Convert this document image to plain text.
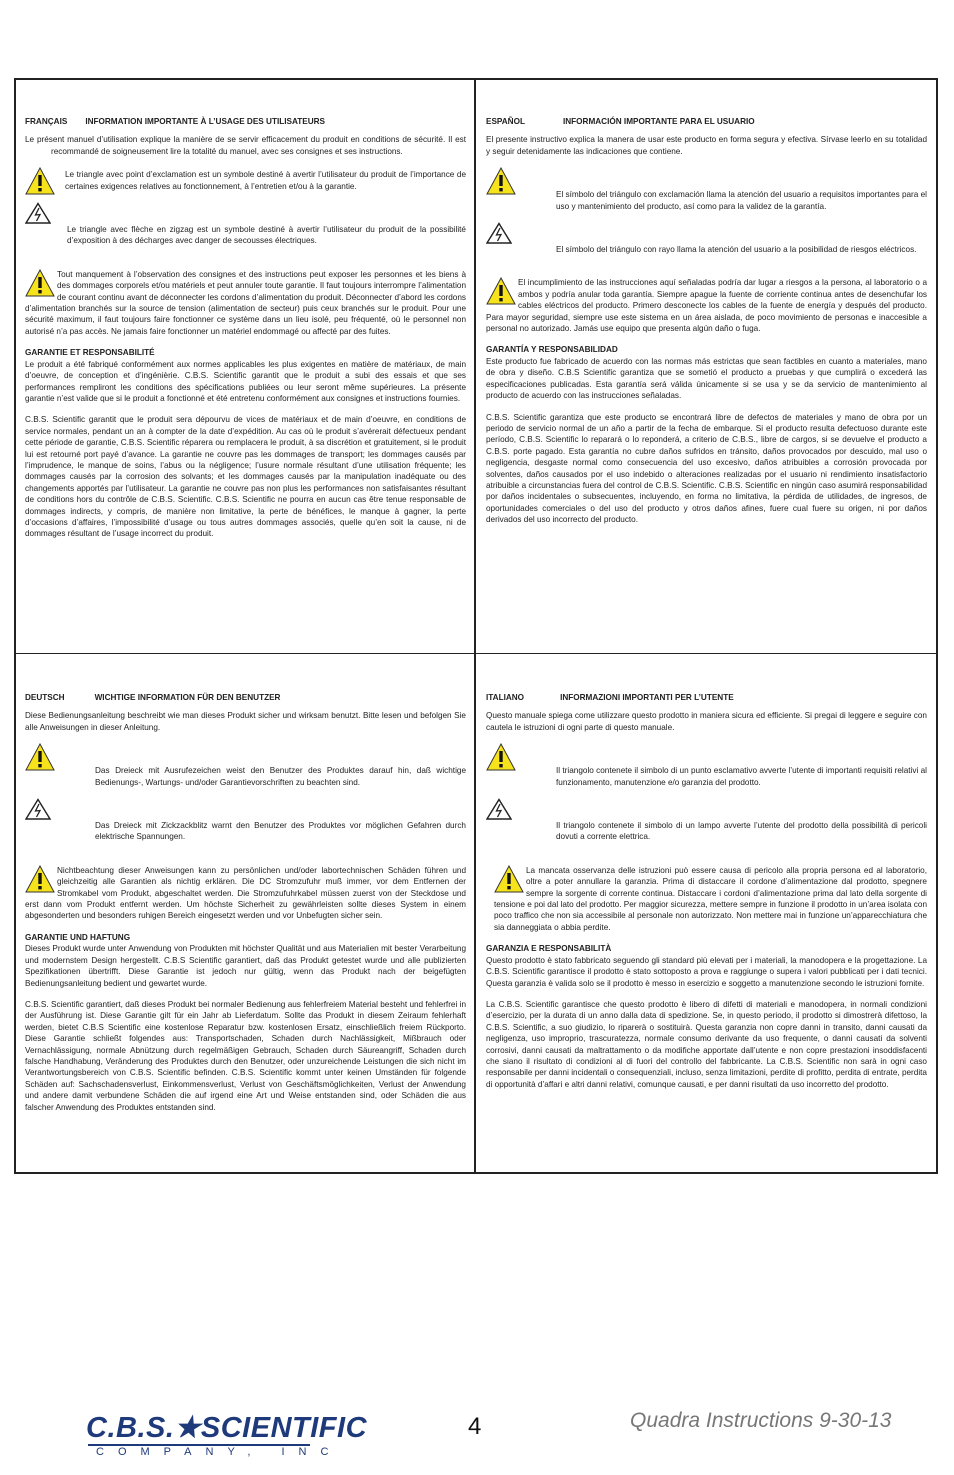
FRANÇAIS INFORMATION IMPORTANTE À L’USAGE DES UTILISATEURS

Le présent manuel d’utilisation explique la manière de se servir efficacement du produit en conditions de sécurité. Il est recommandé de soigneusement lire la totalité du manuel, avec ses consignes et ses instructions.

Le triangle avec point d’exclamation est un symbole destiné à avertir l’utilisateur du produit de l’importance de certaines exigences relatives au fonctionnement, à l’entretien et/ou à la garantie.

Le triangle avec flèche en zigzag est un symbole destiné à avertir l’utilisateur du produit de la possibilité d’exposition à des décharges avec danger de secousses électriques.

Tout manquement à l’observation des consignes et des instructions peut exposer les personnes et les biens à des dommages corporels et/ou matériels et peut annuler toute garantie. Il faut toujours interrompre l’alimentation de courant continu avant de déconnecter les cordons d’alimentation du produit. Déconnecter d’abord les cordons d’alimentation branchés sur la source de tension (alimentation de secteur) puis ceux branchés sur le produit. Pour une sécurité maximum, il faut toujours faire fonctionner ce système dans un lieu isolé, peu fréquenté, où le personnel non autorisé n’a pas accès. Ne jamais faire fonctionner un matériel endommagé ou affecté par des fuites.

GARANTIE ET RESPONSABILITÉ

Le produit a été fabriqué conformément aux normes applicables les plus exigentes en matière de matériaux, de main d’oeuvre, de conception et d’ingénièrie. C.B.S. Scientific garantit que le produit a subi des essais et que ses performances rempliront les conditions des spécifications publiées ou leur seront même supérieures. La présente garantie n’est valide que si le produit a fonctionné et été entretenu conformément aux consignes et instructions fournies.

C.B.S. Scientific garantit que le produit sera dépourvu de vices de matériaux et de main d’oeuvre, en conditions de service normales, pendant un an à compter de la date d’expédition. Au cas où le produit s’avérerait défectueux pendant cette période de garantie, C.B.S. Scientific réparera ou remplacera le produit, à sa discrétion et gratuitement, si le produit lui est retourné port payé d’avance. La garantie ne couvre pas les dommages de transport; les dommages causés par l’imprudence, le manque de soins, l’abus ou la négligence; l’usure normale résultant d’une utilisation fréquente; les dommages causés par la corrosion des solvants; et les dommages causés par la manipulation inadéquate ou des changements apportés par l’utilisateur. La garantie ne couvre pas non plus les performances non satisfaisantes résultant de conditions hors du contrôle de C.B.S. Scientific. C.B.S. Scientific ne pourra en aucun cas être tenue responsable de dommages indirects, y compris, de manière non limitative, la perte de bénéfices, le manque à gagner, la perte d’occasions d’affaires, l’impossibilité d’usage ou tous autres dommages associés, quelle qu’en soit la cause, ni de dommages résultant de l’usage incorrect du produit.

ESPAÑOL	INFORMACIÓN IMPORTANTE PARA EL USUARIO

El presente instructivo explica la manera de usar este producto en forma segura y efectiva. Sírvase leerlo en su totalidad y seguir detenidamente las indicaciones que contiene.

El símbolo del triángulo con exclamación llama la atención del usuario a requisitos importantes para el uso y mantenimiento del producto, así como para la validez de la garantía.

El símbolo del triángulo con rayo llama la atención del usuario a la posibilidad de riesgos eléctricos.

El incumplimiento de las instrucciones aquí señaladas podría dar lugar a riesgos a la persona, al laboratorio o a ambos y podría anular toda garantía. Siempre apague la fuente de corriente continua antes de desenchufar los cables eléctricos del producto. Primero desconecte los cables de la fuente de energía y después del producto. Para mayor seguridad, siempre use este sistema en un área aislada, de poco movimiento de personas e inaccesible a personal no autorizado. Jamás use equipo que presenta algún daño o fuga.

GARANTÍA Y RESPONSABILIDAD

Este producto fue fabricado de acuerdo con las normas más estrictas que sean factibles en cuanto a materiales, mano de obra y diseño. C.B.S Scientific garantiza que se sometió el producto a pruebas y que cumplirá o excederá las especificaciones publicadas. Esta garantía será válida únicamente si se usa y se da servicio de mantenimiento al producto de acuerdo con las instrucciones señaladas.

C.B.S. Scientific garantiza que este producto se encontrará libre de defectos de materiales y mano de obra por un periodo de servicio normal de un año a partir de la fecha de embarque. Si el producto resulta defectuoso durante este período, C.B.S. Scientific lo reparará o lo reponderá, a criterio de C.B.S., libre de cargos, si se devuelve el producto a C.B.S. porte pagado. Esta garantía no cubre daños sufridos en tránsito, daños provocados por descuido, mal uso o negligencia, desgaste normal como consecuencia del uso excesivo, daños atribuibles a corrosión provocada por solventes, daños causados por el uso indebido o alteraciones realizadas por el usuario ni rendimiento insatisfactorio atribuible a circunstancias fuera del control de C.B.S. Scientific. C.B.S. Scientific en ningún caso asumirá responsabilidad por daños incidentales o subsecuentes, incluyendo, en forma no limitativa, la pérdida de utilidades, de ingresos, de oportunidades comerciales o del uso del producto y otros daños afines, fuere cual fuere su origen, ni por daños derivados del uso incorrecto del producto.

DEUTSCH	WICHTIGE INFORMATION FÜR DEN BENUTZER

Diese Bedienungsanleitung beschreibt wie man dieses Produkt sicher und wirksam benutzt. Bitte lesen und befolgen Sie alle Anweisungen in dieser Anleitung.

Das Dreieck mit Ausrufezeichen weist den Benutzer des Produktes darauf hin, daß wichtige Bedienungs-, Wartungs- und/oder Garantievorschriften zu beachten sind.

Das Dreieck mit Zickzackblitz warnt den Benutzer des Produktes vor möglichen Gefahren durch elektrische Spannungen.

Nichtbeachtung dieser Anweisungen kann zu persönlichen und/oder labortechnischen Schäden führen und gleichzeitig alle Garantien als nichtig erklären. Die DC Stromzufuhr muß immer, vor dem Entfernen der Stromkabel vom Produkt, abgeschaltet werden. Die Stromzufuhrkabel müssen zuerst von der Steckdose und erst dann vom Produkt entfernt werden. Um höchste Sicherheit zu gewährleisten sollte dieses System in einem abgesonderten und besonders ruhigen Bereich eingesetzt werden und vor Unbefugten sicher sein.

GARANTIE UND HAFTUNG

Dieses Produkt wurde unter Anwendung von Produkten mit höchster Qualität und aus Materialien mit bester Verarbeitung und modernstem Design hergestellt. C.B.S Scientific garantiert, daß das Produkt getestet wurde und alle publizierten Spezifikationen übertrifft. Diese Garantie ist jedoch nur gültig, wenn das Produkt nach der beigefügten Bedienungsanleitung bedient und gewartet wurde.

C.B.S. Scientific garantiert, daß dieses Produkt bei normaler Bedienung aus fehlerfreiem Material besteht und fehlerfrei in der Ausführung ist. Diese Garantie gilt für ein Jahr ab Lieferdatum. Sollte das Produkt in diesem Zeiraum fehlerhaft werden, bietet C.B.S Scientific eine kostenlose Reparatur bzw. kostenlosen Ersatz, einschließlich freiem Rückporto. Diese Garantie schließt folgendes aus: Transportschaden, Schaden durch Nachlässigkeit, Mißbrauch oder Vernachlässigung, normale Abnützung durch regelmäßigen Gebrauch, Schaden durch Säureangriff, Schaden durch falsche Handhabung, Veränderung des Produktes durch den Benutzer, oder unzureichende Leistungen die sich nicht im Verantwortungsbereich von C.B.S. Scientific befinden. C.B.S. Scientific kommt unter keinen Umständen für folgende Schäden auf: Sachschadensverlust, Einkommensverlust, Verlust von Geschäftsmöglichkeiten, Verlust der Anwendung und andere damit verbundene Schäden die auf irgend eine Art und Weise entstanden sind, oder Schäden die aus falscher Anwendung des Produktes entstanden sind.

ITALIANO	INFORMAZIONI IMPORTANTI PER L’UTENTE

Questo manuale spiega come utilizzare questo prodotto in maniera sicura ed efficiente. Si pregai di leggere e seguire con cautela le istruzioni di ogni parte di questo manuale.

Il triangolo contenete il simbolo di un punto esclamativo avverte l’utente di importanti requisiti relativi al funzionamento, manutenzione e/o garanzia del prodotto.

Il triangolo contenete il simbolo di un lampo avverte l’utente del prodotto della possibilità di pericoli dovuti a corrente elettrica.

La mancata osservanza delle istruzioni può essere causa di pericolo alla propria persona ed al laboratorio, oltre a poter annullare la garanzia. Prima di distaccare il cordone d’alimentazione dal prodotto, spegnere sempre la sorgente di corrente continua. Distaccare i cordoni d’alimentazione prima dal lato della sorgente di tensione e poi dal lato del prodotto. Per maggior sicurezza, mettere sempre in funzione il prodotto in un’area isolata con poco traffico che non sia accessibile al personale non autorizzato. Non mettere mai in funzione un’apparecchiatura che sia danneggiata o abbia perdite.

GARANZIA E RESPONSABILITÀ

Questo prodotto è stato fabbricato seguendo gli standard più elevati per i materiali, la manodopera e la progettazione. La C.B.S. Scientific garantisce il prodotto è stato sottoposto a prova e raggiunge o supera i valori pubblicati per i dati tecnici. Questa garanzia è valida solo se il prodotto è messo in esercizio e soggetto a manutenzione secondo le istruzioni fornite.

La C.B.S. Scientific garantisce che questo prodotto è libero di difetti di materiali e manodopera, in normali condizioni d’esercizio, per la durata di un anno dalla data di spedizione. Se, in questo periodo, il prodotto si dimostrerà difettoso, la C.B.S. Scientific, a suo giudizio, lo riparerà o sostituirà. Questa garanzia non copre danni in transito, danni causati da negligenza, uso improprio, trascuratezza, normale consumo derivante da uso frequente, o danni causati da solventi corrosivi, danni causati da maltrattamento o da modifiche apportate dall’utente e non copre prestazioni insoddisfacenti che siano il risultato di condizioni al di fuori del controllo del fabbricante. La C.B.S. Scientific non sarà in ogni caso responsabile per danni incidentali o consequenziali, incluso, senza limitazioni, perdite di profitto, perdita di entrate, perdita di opportunità d’affari e altri danni relativi, comunque causati, e per danni risultati da uso incorretto del prodotto.

C.B.S.★SCIENTIFIC
COMPANY, INC
4	Quadra Instructions 9-30-13
